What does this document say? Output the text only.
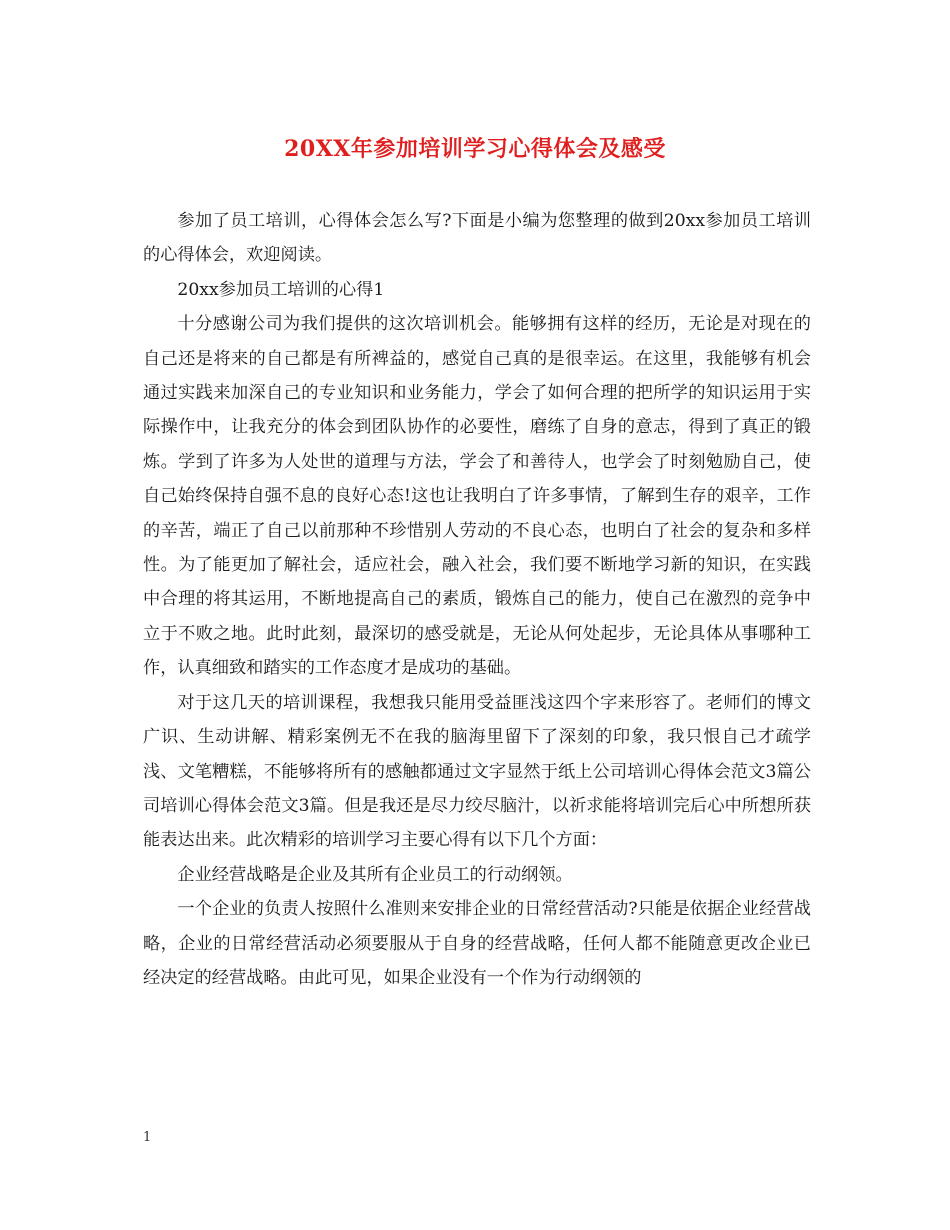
20XX年参加培训学习心得体会及感受

参加了员工培训，心得体会怎么写?下面是小编为您整理的做到20xx参加员工培训的心得体会，欢迎阅读。

20xx参加员工培训的心得1

十分感谢公司为我们提供的这次培训机会。能够拥有这样的经历，无论是对现在的自己还是将来的自己都是有所裨益的，感觉自己真的是很幸运。在这里，我能够有机会通过实践来加深自己的专业知识和业务能力，学会了如何合理的把所学的知识运用于实际操作中，让我充分的体会到团队协作的必要性，磨练了自身的意志，得到了真正的锻炼。学到了许多为人处世的道理与方法，学会了和善待人，也学会了时刻勉励自己，使自己始终保持自强不息的良好心态!这也让我明白了许多事情，了解到生存的艰辛，工作的辛苦，端正了自己以前那种不珍惜别人劳动的不良心态，也明白了社会的复杂和多样性。为了能更加了解社会，适应社会，融入社会，我们要不断地学习新的知识，在实践中合理的将其运用，不断地提高自己的素质，锻炼自己的能力，使自己在激烈的竞争中立于不败之地。此时此刻，最深切的感受就是，无论从何处起步，无论具体从事哪种工作，认真细致和踏实的工作态度才是成功的基础。

对于这几天的培训课程，我想我只能用受益匪浅这四个字来形容了。老师们的博文广识、生动讲解、精彩案例无不在我的脑海里留下了深刻的印象，我只恨自己才疏学浅、文笔糟糕，不能够将所有的感触都通过文字显然于纸上公司培训心得体会范文3篇公司培训心得体会范文3篇。但是我还是尽力绞尽脑汁，以祈求能将培训完后心中所想所获能表达出来。此次精彩的培训学习主要心得有以下几个方面：

企业经营战略是企业及其所有企业员工的行动纲领。

一个企业的负责人按照什么准则来安排企业的日常经营活动?只能是依据企业经营战略，企业的日常经营活动必须要服从于自身的经营战略，任何人都不能随意更改企业已经决定的经营战略。由此可见，如果企业没有一个作为行动纲领的

1
